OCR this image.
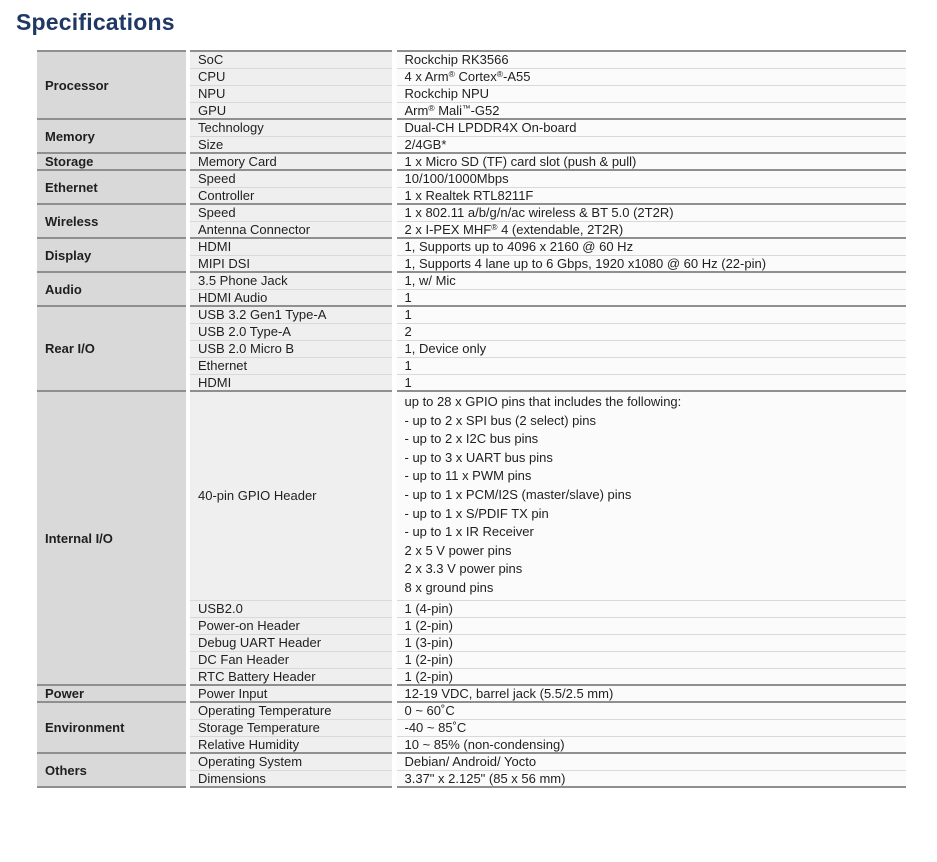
Specifications
Processor	SoC	Rockchip RK3566
	CPU	4 x Arm® Cortex®-A55
	NPU	Rockchip NPU
	GPU	Arm® Mali™-G52
Memory	Technology	Dual-CH LPDDR4X On-board
	Size	2/4GB*
Storage	Memory Card	1 x Micro SD (TF) card slot (push & pull)
Ethernet	Speed	10/100/1000Mbps
	Controller	1 x Realtek RTL8211F
Wireless	Speed	1 x 802.11 a/b/g/n/ac wireless & BT 5.0 (2T2R)
	Antenna Connector	2 x I-PEX MHF® 4 (extendable, 2T2R)
Display	HDMI	1, Supports up to 4096 x 2160 @ 60 Hz
	MIPI DSI	1, Supports 4 lane up to 6 Gbps, 1920 x1080 @ 60 Hz (22-pin)
Audio	3.5 Phone Jack	1, w/ Mic
	HDMI Audio	1
Rear I/O	USB 3.2 Gen1 Type-A	1
	USB 2.0 Type-A	2
	USB 2.0 Micro B	1, Device only
	Ethernet	1
	HDMI	1
Internal I/O	40-pin GPIO Header	up to 28 x GPIO pins that includes the following:
- up to 2 x SPI bus (2 select) pins
- up to 2 x I2C bus pins
- up to 3 x UART bus pins
- up to 11 x PWM pins
- up to 1 x PCM/I2S (master/slave) pins
- up to 1 x S/PDIF TX pin
- up to 1 x IR Receiver
2 x 5 V power pins
2 x 3.3 V power pins
8 x ground pins
	USB2.0	1 (4-pin)
	Power-on Header	1 (2-pin)
	Debug UART Header	1 (3-pin)
	DC Fan Header	1 (2-pin)
	RTC Battery Header	1 (2-pin)
Power	Power Input	12-19 VDC, barrel jack (5.5/2.5 mm)
Environment	Operating Temperature	0 ~ 60˚C
	Storage Temperature	-40 ~ 85˚C
	Relative Humidity	10 ~ 85% (non-condensing)
Others	Operating System	Debian/ Android/ Yocto
	Dimensions	3.37" x 2.125" (85 x 56 mm)
